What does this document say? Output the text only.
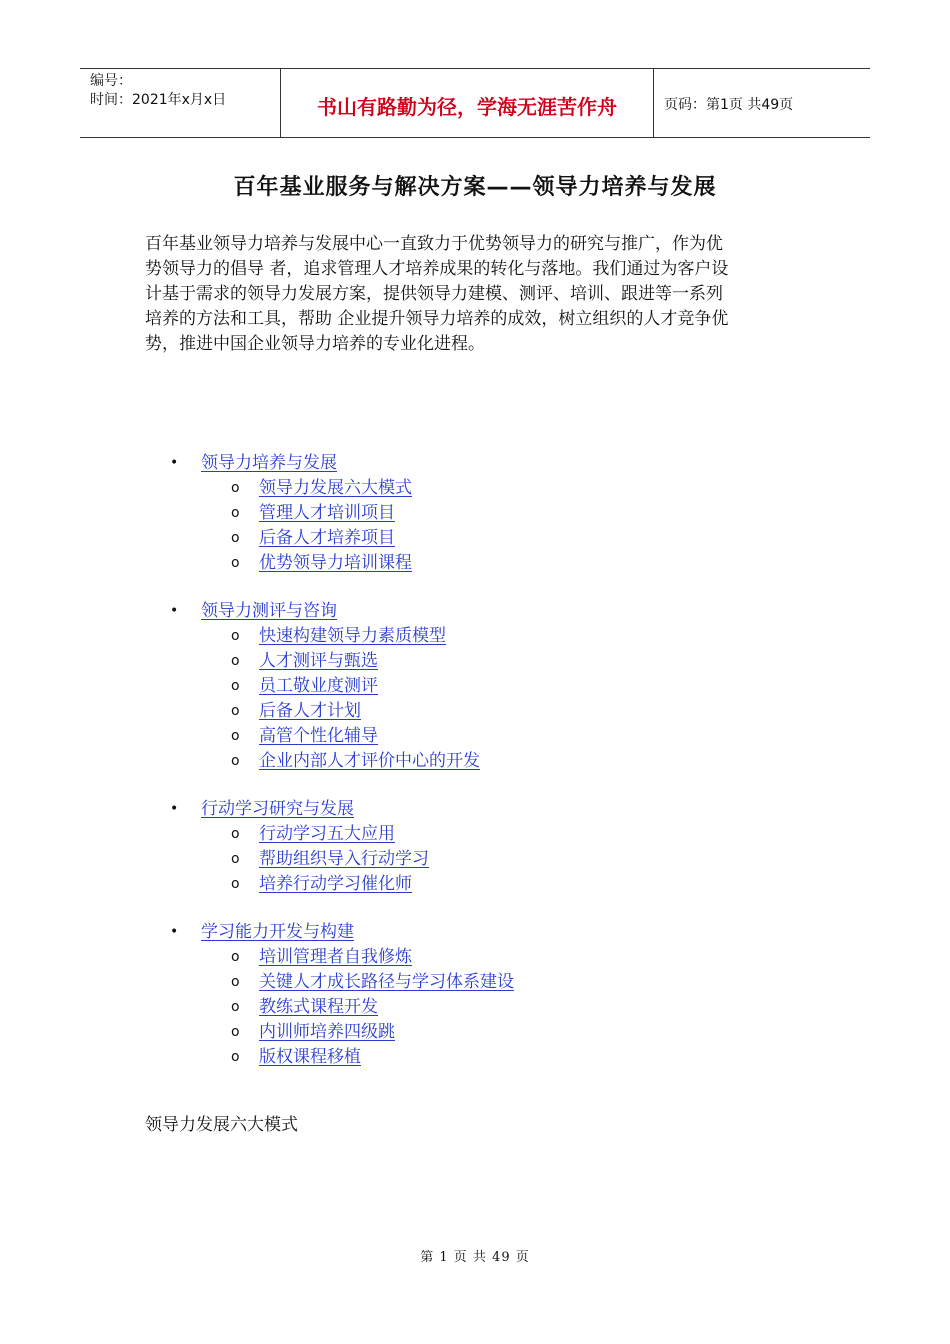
编号：
时间：2021年x月x日	书山有路勤为径，学海无涯苦作舟	页码：第1页 共49页
百年基业服务与解决方案——领导力培养与发展
百年基业领导力培养与发展中心一直致力于优势领导力的研究与推广，作为优
势领导力的倡导 者，追求管理人才培养成果的转化与落地。我们通过为客户设
计基于需求的领导力发展方案，提供领导力建模、测评、培训、跟进等一系列
培养的方法和工具，帮助 企业提升领导力培养的成效，树立组织的人才竞争优
势，推进中国企业领导力培养的专业化进程。
•	领导力培养与发展
o	领导力发展六大模式
o	管理人才培训项目
o	后备人才培养项目
o	优势领导力培训课程
•	领导力测评与咨询
o	快速构建领导力素质模型
o	人才测评与甄选
o	员工敬业度测评
o	后备人才计划
o	高管个性化辅导
o	企业内部人才评价中心的开发
•	行动学习研究与发展
o	行动学习五大应用
o	帮助组织导入行动学习
o	培养行动学习催化师
•	学习能力开发与构建
o	培训管理者自我修炼
o	关键人才成长路径与学习体系建设
o	教练式课程开发
o	内训师培养四级跳
o	版权课程移植
领导力发展六大模式
第 1 页 共 49 页
